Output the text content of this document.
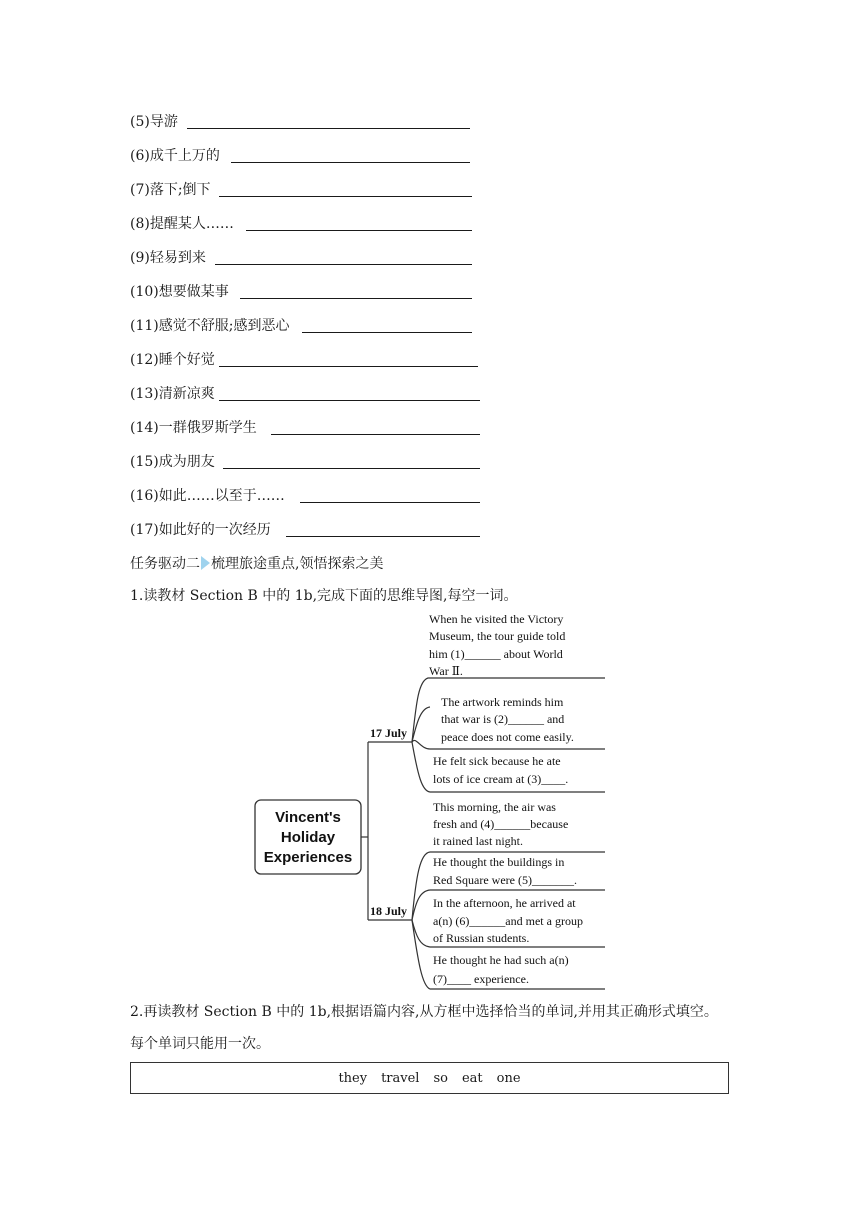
(5)导游
(6)成千上万的
(7)落下;倒下
(8)提醒某人……
(9)轻易到来
(10)想要做某事
(11)感觉不舒服;感到恶心
(12)睡个好觉
(13)清新凉爽
(14)一群俄罗斯学生
(15)成为朋友
(16)如此……以至于……
(17)如此好的一次经历
任务驱动二 梳理旅途重点,领悟探索之美
1.读教材 Section B 中的 1b,完成下面的思维导图,每空一词。
Vincent's
Holiday
Experiences
17 July
18 July
When he visited the Victory
Museum, the tour guide told
him (1)______ about World
War Ⅱ.
The artwork reminds him
that war is (2)______ and
peace does not come easily.
He felt sick because he ate
lots of ice cream at (3)____.
This morning, the air was
fresh and (4)______because
it rained last night.
He thought the buildings in
Red Square were (5)_______.
In the afternoon, he arrived at
a(n) (6)______and met a group
of Russian students.
He thought he had such a(n)
(7)____ experience.
2.再读教材 Section B 中的 1b,根据语篇内容,从方框中选择恰当的单词,并用其正确形式填空。
每个单词只能用一次。
they travel so eat one
